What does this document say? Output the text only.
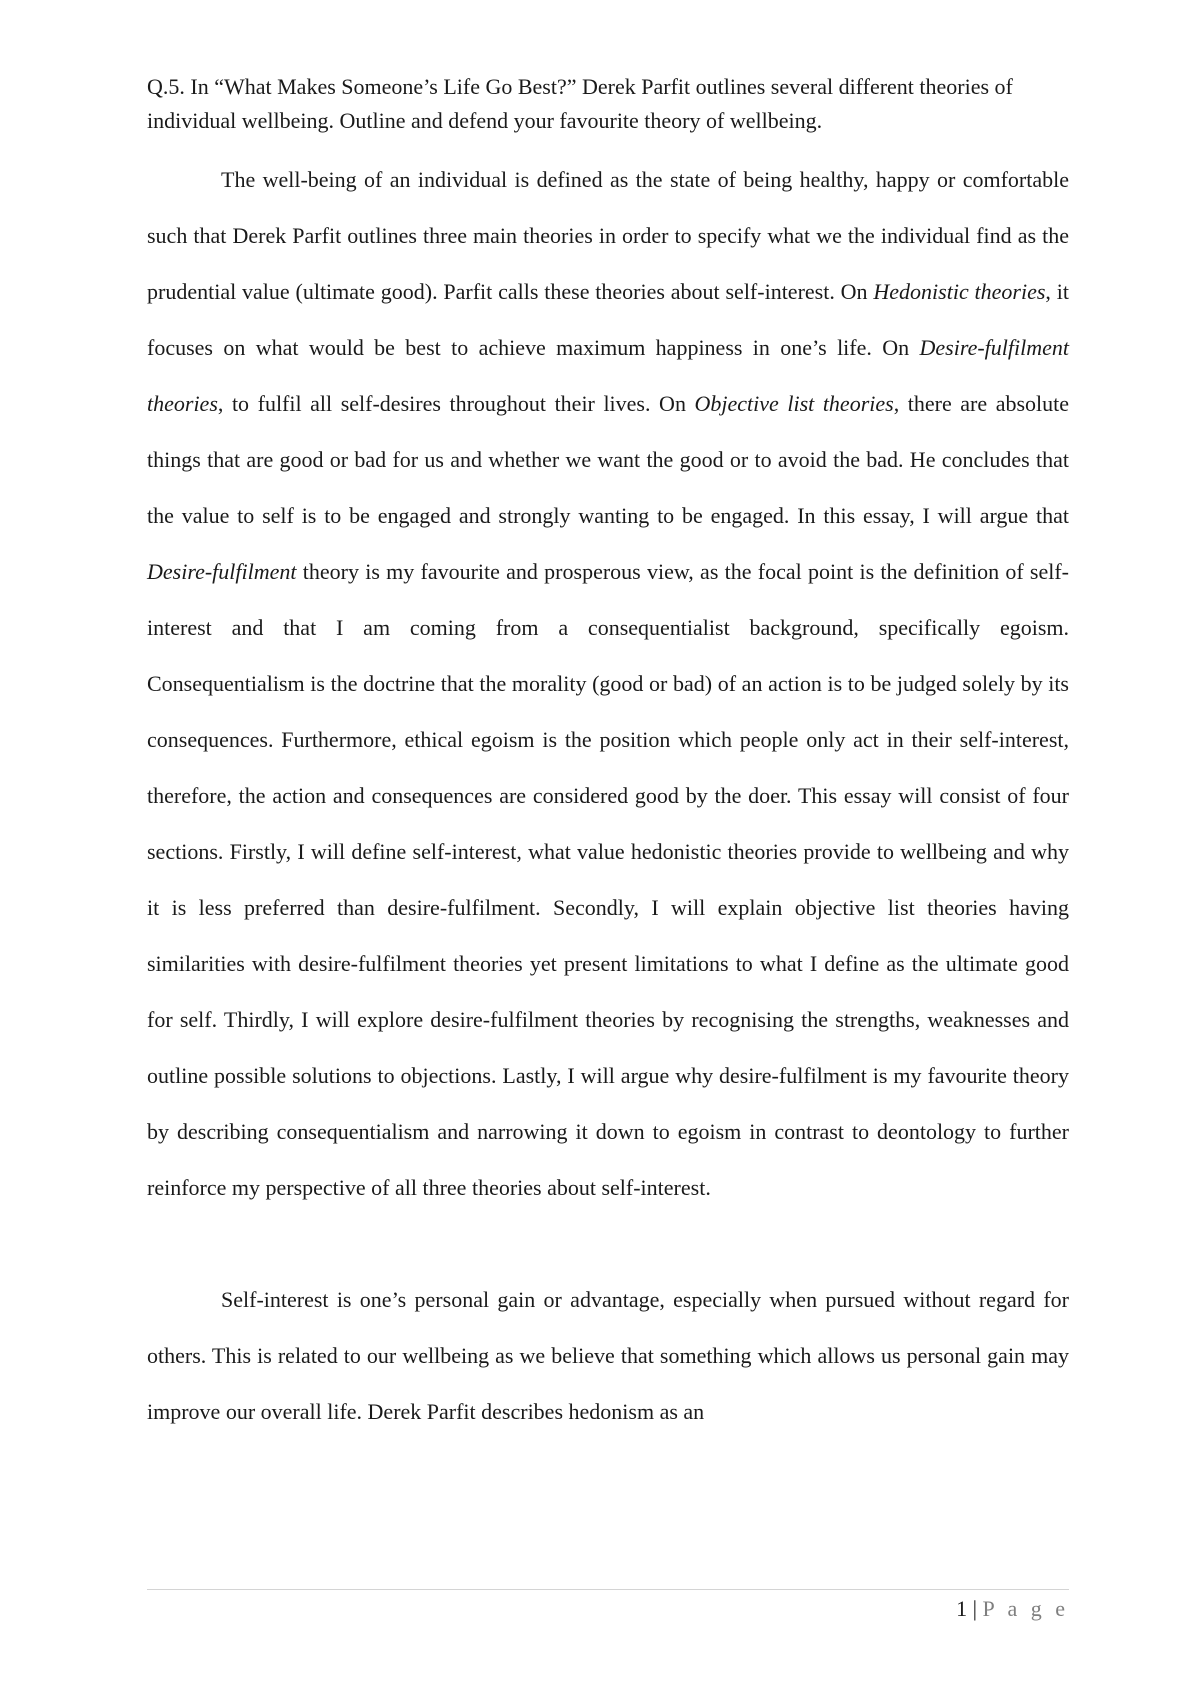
Q.5. In “What Makes Someone’s Life Go Best?” Derek Parfit outlines several different theories of individual wellbeing. Outline and defend your favourite theory of wellbeing.

The well-being of an individual is defined as the state of being healthy, happy or comfortable such that Derek Parfit outlines three main theories in order to specify what we the individual find as the prudential value (ultimate good). Parfit calls these theories about self-interest. On Hedonistic theories, it focuses on what would be best to achieve maximum happiness in one’s life. On Desire-fulfilment theories, to fulfil all self-desires throughout their lives. On Objective list theories, there are absolute things that are good or bad for us and whether we want the good or to avoid the bad. He concludes that the value to self is to be engaged and strongly wanting to be engaged. In this essay, I will argue that Desire-fulfilment theory is my favourite and prosperous view, as the focal point is the definition of self-interest and that I am coming from a consequentialist background, specifically egoism. Consequentialism is the doctrine that the morality (good or bad) of an action is to be judged solely by its consequences. Furthermore, ethical egoism is the position which people only act in their self-interest, therefore, the action and consequences are considered good by the doer. This essay will consist of four sections. Firstly, I will define self-interest, what value hedonistic theories provide to wellbeing and why it is less preferred than desire-fulfilment. Secondly, I will explain objective list theories having similarities with desire-fulfilment theories yet present limitations to what I define as the ultimate good for self. Thirdly, I will explore desire-fulfilment theories by recognising the strengths, weaknesses and outline possible solutions to objections. Lastly, I will argue why desire-fulfilment is my favourite theory by describing consequentialism and narrowing it down to egoism in contrast to deontology to further reinforce my perspective of all three theories about self-interest.

Self-interest is one’s personal gain or advantage, especially when pursued without regard for others. This is related to our wellbeing as we believe that something which allows us personal gain may improve our overall life. Derek Parfit describes hedonism as an

1 | P a g e
